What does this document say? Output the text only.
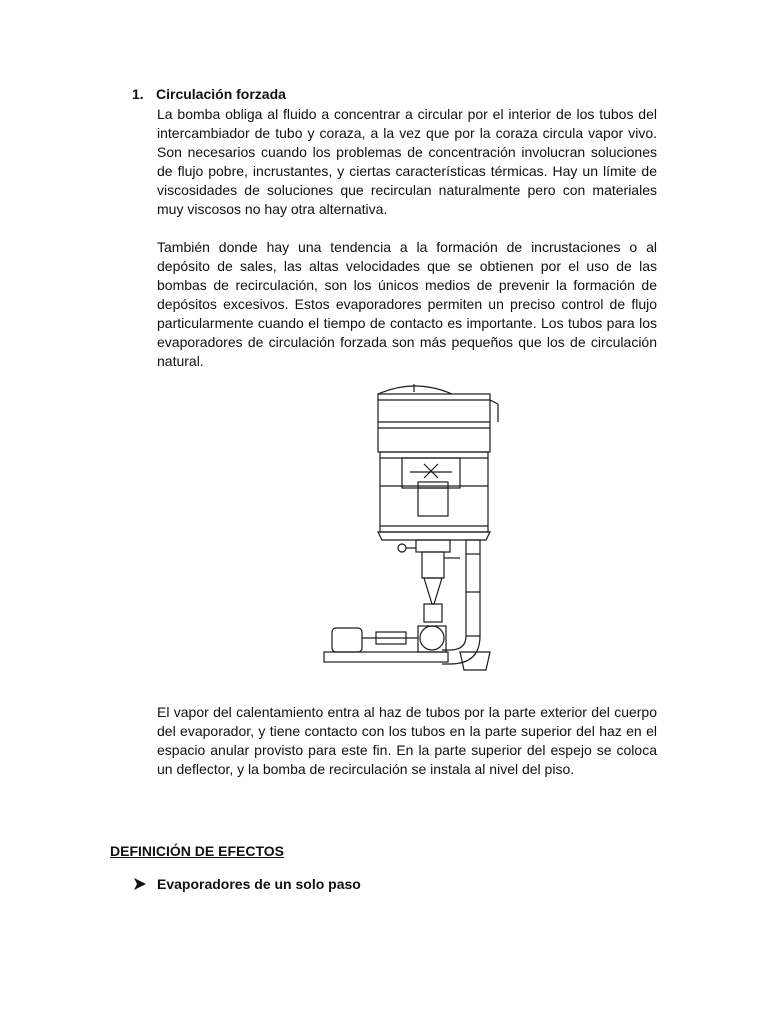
1. Circulación forzada

La bomba obliga al fluido a concentrar a circular por el interior de los tubos del intercambiador de tubo y coraza, a la vez que por la coraza circula vapor vivo. Son necesarios cuando los problemas de concentración involucran soluciones de flujo pobre, incrustantes, y ciertas características térmicas. Hay un límite de viscosidades de soluciones que recirculan naturalmente pero con materiales muy viscosos no hay otra alternativa.

También donde hay una tendencia a la formación de incrustaciones o al depósito de sales, las altas velocidades que se obtienen por el uso de las bombas de recirculación, son los únicos medios de prevenir la formación de depósitos excesivos. Estos evaporadores permiten un preciso control de flujo particularmente cuando el tiempo de contacto es importante. Los tubos para los evaporadores de circulación forzada son más pequeños que los de circulación natural.

El vapor del calentamiento entra al haz de tubos por la parte exterior del cuerpo del evaporador, y tiene contacto con los tubos en la parte superior del haz en el espacio anular provisto para este fin. En la parte superior del espejo se coloca un deflector, y la bomba de recirculación se instala al nivel del piso.

DEFINICIÓN DE EFECTOS
Evaporadores de un solo paso
